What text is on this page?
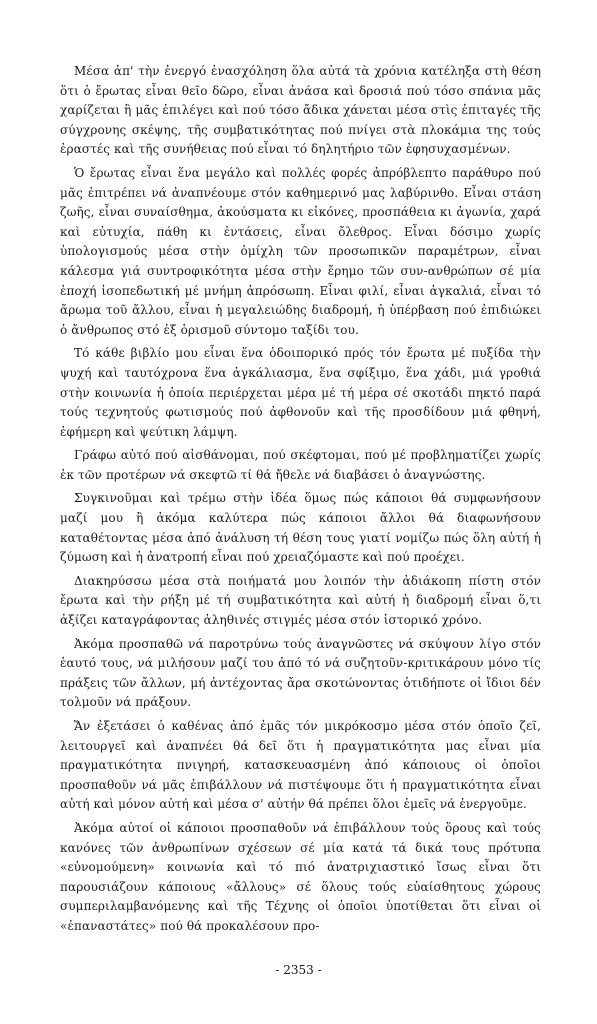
Μέσα ἀπ' τὴν ἐνεργό ἐνασχόληση ὅλα αὐτά τὰ χρόνια κατέληξα στὴ θέση ὅτι ὁ ἔρωτας εἶναι θεῖο δῶρο, εἶναι ἀνάσα καὶ δροσιά πού τόσο σπάνια μᾶς χαρίζεται ἢ μᾶς ἐπιλέγει καὶ πού τόσο ἄδικα χάνεται μέσα στὶς ἐπιταγές τῆς σύγχρονης σκέψης, τῆς συμβατικότητας πού πνίγει στὰ πλοκάμια της τούς ἐραστές καὶ τῆς συνήθειας πού εἶναι τό δηλητήριο τῶν ἐφησυχασμένων.

Ὁ ἔρωτας εἶναι ἕνα μεγάλο καὶ πολλές φορές ἀπρόβλεπτο παράθυρο πού μᾶς ἐπιτρέπει νά ἀναπνέουμε στόν καθημερινό μας λαβύρινθο. Εἶναι στάση ζωῆς, εἶναι συναίσθημα, ἀκούσματα κι εἰκόνες, προσπάθεια κι ἀγωνία, χαρά καὶ εὐτυχία, πάθη κι ἐντάσεις, εἶναι ὄλεθρος. Εἶναι δόσιμο χωρίς ὑπολογισμούς μέσα στὴν ὁμίχλη τῶν προσωπικῶν παραμέτρων, εἶναι κάλεσμα γιά συντροφικότητα μέσα στὴν ἔρημο τῶν συν-ανθρώπων σέ μία ἐποχή ἰσοπεδωτική μέ μνήμη ἀπρόσωπη. Εἶναι φιλί, εἶναι ἀγκαλιά, εἶναι τό ἄρωμα τοῦ ἄλλου, εἶναι ἡ μεγαλειώδης διαδρομή, ἡ ὑπέρβαση πού ἐπιδιώκει ὁ ἄνθρωπος στό ἐξ ὁρισμοῦ σύντομο ταξίδι του.

Τό κάθε βιβλίο μου εἶναι ἕνα ὁδοιπορικό πρός τόν ἔρωτα μέ πυξίδα τὴν ψυχή καὶ ταυτόχρονα ἕνα ἀγκάλιασμα, ἕνα σφίξιμο, ἕνα χάδι, μιά γροθιά στὴν κοινωνία ἡ ὁποία περιέρχεται μέρα μέ τή μέρα σέ σκοτάδι πηκτό παρά τούς τεχνητούς φωτισμούς πού ἀφθονοῦν καὶ τῆς προσδίδουν μιά φθηνή, ἐφήμερη καὶ ψεύτικη λάμψη.

Γράφω αὐτό πού αἰσθάνομαι, πού σκέφτομαι, πού μέ προβληματίζει χωρίς ἐκ τῶν προτέρων νά σκεφτῶ τί θά ἤθελε νά διαβάσει ὁ ἀναγνώστης.

Συγκινοῦμαι καὶ τρέμω στὴν ἰδέα ὅμως πώς κάποιοι θά συμφωνήσουν μαζί μου ἢ ἀκόμα καλύτερα πώς κάποιοι ἄλλοι θά διαφωνήσουν καταθέτοντας μέσα ἀπό ἀνάλυση τή θέση τους γιατί νομίζω πώς ὅλη αὐτή ἡ ζύμωση καὶ ἡ ἀνατροπή εἶναι πού χρειαζόμαστε καὶ πού προέχει.

Διακηρύσσω μέσα στὰ ποιήματά μου λοιπόν τὴν ἀδιάκοπη πίστη στόν ἔρωτα καὶ τὴν ρήξη μέ τή συμβατικότητα καὶ αὐτή ἡ διαδρομή εἶναι ὅ,τι ἀξίζει καταγράφοντας ἀληθινές στιγμές μέσα στόν ἱστορικό χρόνο.

Ἀκόμα προσπαθῶ νά παροτρύνω τούς ἀναγνῶστες νά σκύψουν λίγο στόν ἑαυτό τους, νά μιλήσουν μαζί του ἀπό τό νά συζητοῦν-κριτικάρουν μόνο τίς πράξεις τῶν ἄλλων, μή ἀντέχοντας ἄρα σκοτώνοντας ὁτιδήποτε οἱ ἴδιοι δέν τολμοῦν νά πράξουν.

Ἄν ἐξετάσει ὁ καθένας ἀπό ἐμᾶς τόν μικρόκοσμο μέσα στόν ὁποῖο ζεῖ, λειτουργεῖ καὶ ἀναπνέει θά δεῖ ὅτι ἡ πραγματικότητα μας εἶναι μία πραγματικότητα πνιγηρή, κατασκευασμένη ἀπό κάποιους οἱ ὁποῖοι προσπαθοῦν νά μᾶς ἐπιβάλλουν νά πιστέψουμε ὅτι ἡ πραγματικότητα εἶναι αὐτή καὶ μόνον αὐτή καὶ μέσα σ' αὐτήν θά πρέπει ὅλοι ἐμεῖς νά ἐνεργοῦμε.

Ἀκόμα αὐτοί οἱ κάποιοι προσπαθοῦν νά ἐπιβάλλουν τούς ὅρους καὶ τούς κανόνες τῶν ἀνθρωπίνων σχέσεων σέ μία κατά τά δικά τους πρότυπα «εὐνομούμενη» κοινωνία καὶ τό πιό ἀνατριχιαστικό ἴσως εἶναι ὅτι παρουσιάζουν κάποιους «ἄλλους» σέ ὅλους τούς εὐαίσθητους χώρους συμπεριλαμβανόμενης καὶ τῆς Τέχνης οἱ ὁποῖοι ὑποτίθεται ὅτι εἶναι οἱ «ἐπαναστάτες» πού θά προκαλέσουν προ-

- 2353 -
